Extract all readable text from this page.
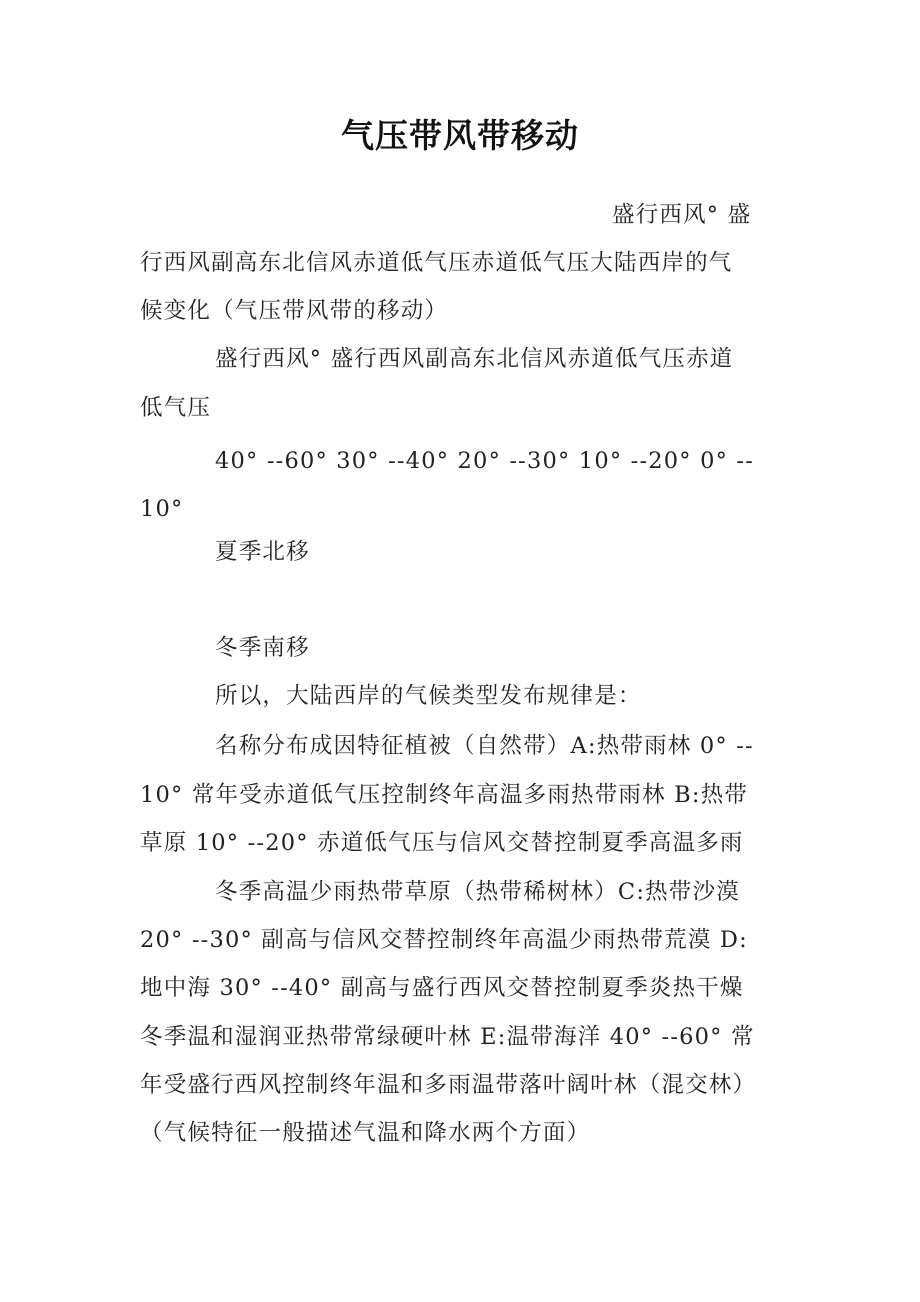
气压带风带移动
盛行西风° 盛
行西风副高东北信风赤道低气压赤道低气压大陆西岸的气
候变化（气压带风带的移动）
盛行西风° 盛行西风副高东北信风赤道低气压赤道
低气压
40° --60° 30° --40° 20° --30° 10° --20° 0° --
10°
夏季北移
冬季南移
所以，大陆西岸的气候类型发布规律是：
名称分布成因特征植被（自然带）A:热带雨林 0° --
10° 常年受赤道低气压控制终年高温多雨热带雨林 B:热带
草原 10° --20° 赤道低气压与信风交替控制夏季高温多雨
冬季高温少雨热带草原（热带稀树林）C:热带沙漠
20° --30° 副高与信风交替控制终年高温少雨热带荒漠 D:
地中海 30° --40° 副高与盛行西风交替控制夏季炎热干燥
冬季温和湿润亚热带常绿硬叶林 E:温带海洋 40° --60° 常
年受盛行西风控制终年温和多雨温带落叶阔叶林（混交林）
（气候特征一般描述气温和降水两个方面）
